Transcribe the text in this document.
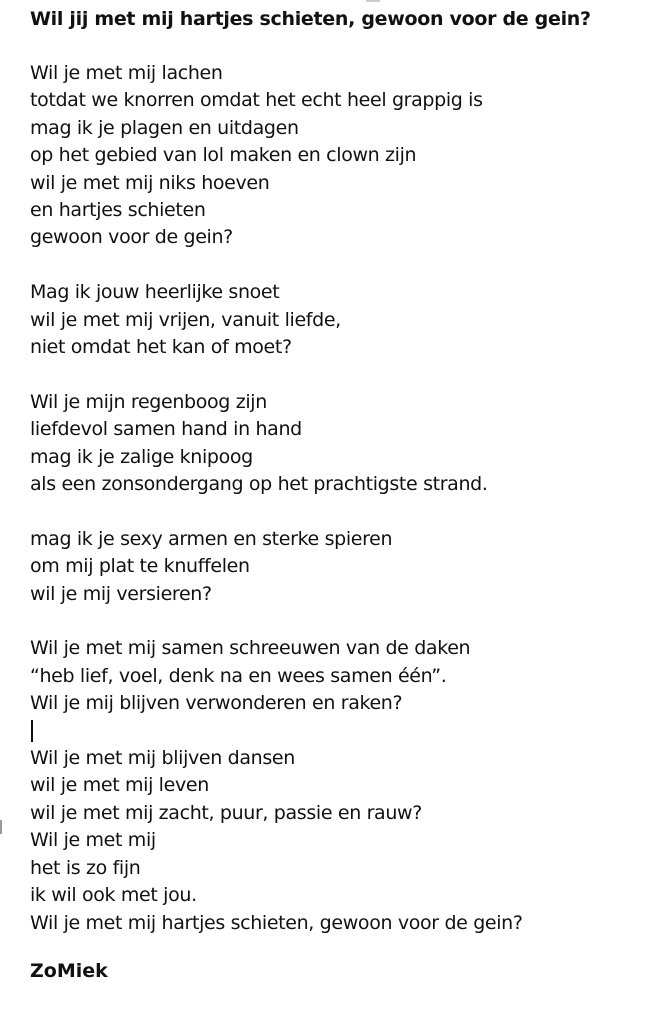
Wil jij met mij hartjes schieten, gewoon voor de gein?
Wil je met mij lachen
totdat we knorren omdat het echt heel grappig is
mag ik je plagen en uitdagen
op het gebied van lol maken en clown zijn
wil je met mij niks hoeven
en hartjes schieten
gewoon voor de gein?
Mag ik jouw heerlijke snoet
wil je met mij vrijen, vanuit liefde,
niet omdat het kan of moet?
Wil je mijn regenboog zijn
liefdevol samen hand in hand
mag ik je zalige knipoog
als een zonsondergang op het prachtigste strand.
mag ik je sexy armen en sterke spieren
om mij plat te knuffelen
wil je mij versieren?
Wil je met mij samen schreeuwen van de daken
“heb lief, voel, denk na en wees samen één”.
Wil je mij blijven verwonderen en raken?
Wil je met mij blijven dansen
wil je met mij leven
wil je met mij zacht, puur, passie en rauw?
Wil je met mij
het is zo fijn
ik wil ook met jou.
Wil je met mij hartjes schieten, gewoon voor de gein?
ZoMiek
